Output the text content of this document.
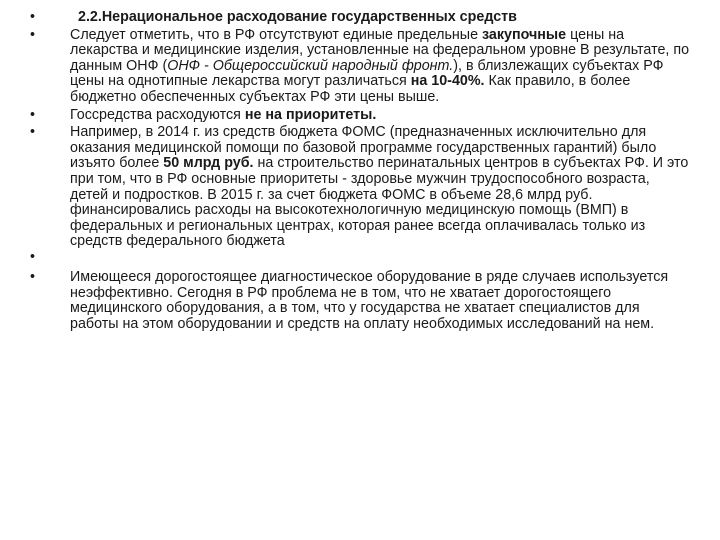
•	2.2.Нерациональное расходование государственных средств
•	Следует отметить, что в РФ отсутствуют единые предельные закупочные цены на лекарства и медицинские изделия, установленные на федеральном уровне В результате, по данным ОНФ (ОНФ - Общероссийский народный фронт.), в близлежащих субъектах РФ цены на однотипные лекарства могут различаться на 10-40%. Как правило, в более бюджетно обеспеченных субъектах РФ эти цены выше.
•	Госсредства расходуются не на приоритеты.
•	Например, в 2014 г. из средств бюджета ФОМС (предназначенных исключительно для оказания медицинской помощи по базовой программе государственных гарантий) было изъято более 50 млрд руб. на строительство перинатальных центров в субъектах РФ. И это при том, что в РФ основные приоритеты - здоровье мужчин трудоспособного возраста, детей и подростков. В 2015 г. за счет бюджета ФОМС в объеме 28,6 млрд руб. финансировались расходы на высокотехнологичную медицинскую помощь (ВМП) в федеральных и региональных центрах, которая ранее всегда оплачивалась только из средств федерального бюджета
•
•	Имеющееся дорогостоящее диагностическое оборудование в ряде случаев используется неэффективно. Сегодня в РФ проблема не в том, что не хватает дорогостоящего медицинского оборудования, а в том, что у государства не хватает специалистов для работы на этом оборудовании и средств на оплату необходимых исследований на нем.
